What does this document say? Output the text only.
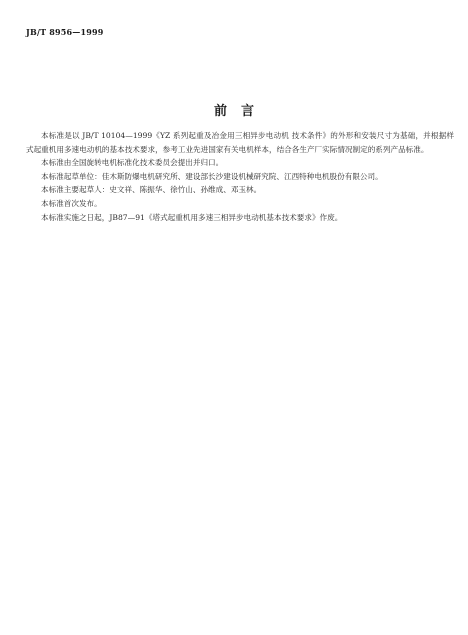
JB/T 8956—1999
前言

本标准是以 JB/T 10104—1999《YZ 系列起重及冶金用三相异步电动机 技术条件》的外形和安装尺寸为基础，并根据样式起重机用多速电动机的基本技术要求，参考工业先进国家有关电机样本，结合各生产厂实际情况制定的系列产品标准。

本标准由全国旋转电机标准化技术委员会提出并归口。

本标准起草单位：佳木斯防爆电机研究所、建设部长沙建设机械研究院、江西特种电机股份有限公司。

本标准主要起草人：史文祥、陈振华、徐竹山、孙维成、邓玉林。

本标准首次发布。

本标准实施之日起，JB87—91《塔式起重机用多速三相异步电动机基本技术要求》作废。
